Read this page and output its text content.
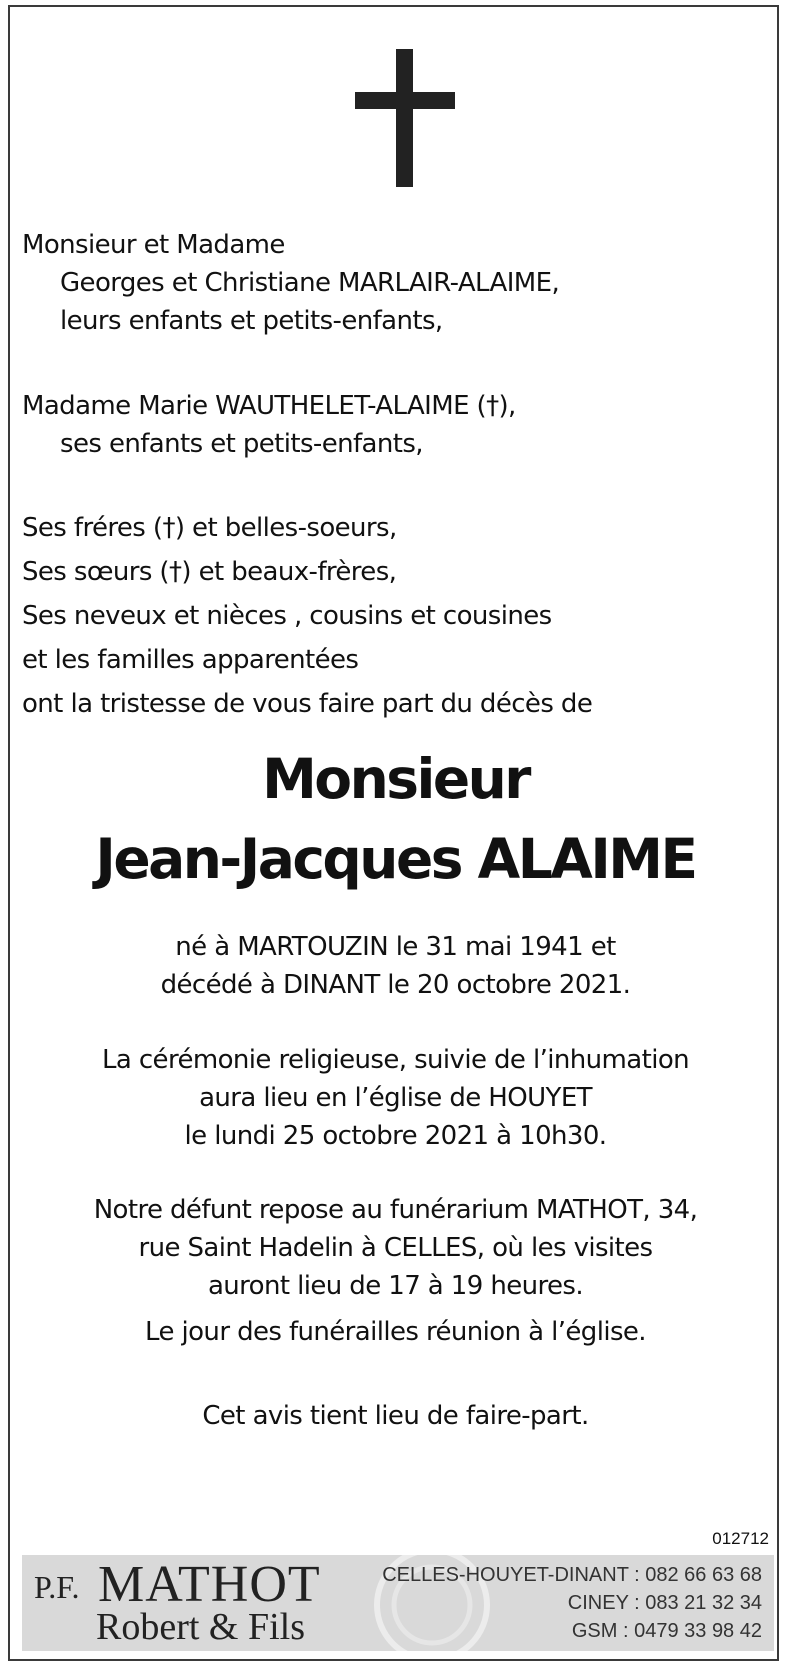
Monsieur et Madame
Georges et Christiane MARLAIR-ALAIME,
leurs enfants et petits-enfants,
Madame Marie WAUTHELET-ALAIME (†),
ses enfants et petits-enfants,
Ses fréres (†) et belles-soeurs,
Ses sœurs (†) et beaux-frères,
Ses neveux et nièces , cousins et cousines
et les familles apparentées
ont la tristesse de vous faire part du décès de
Monsieur
Jean-Jacques ALAIME
né à MARTOUZIN le 31 mai 1941 et
décédé à DINANT le 20 octobre 2021.
La cérémonie religieuse, suivie de l’inhumation
aura lieu en l’église de HOUYET
le lundi 25 octobre 2021 à 10h30.
Notre défunt repose au funérarium MATHOT, 34,
rue Saint Hadelin à CELLES, où les visites
auront lieu de 17 à 19 heures.
Le jour des funérailles réunion à l’église.
Cet avis tient lieu de faire-part.
012712
P.F. MATHOT
Robert & Fils
CELLES-HOUYET-DINANT : 082 66 63 68
CINEY : 083 21 32 34
GSM : 0479 33 98 42
